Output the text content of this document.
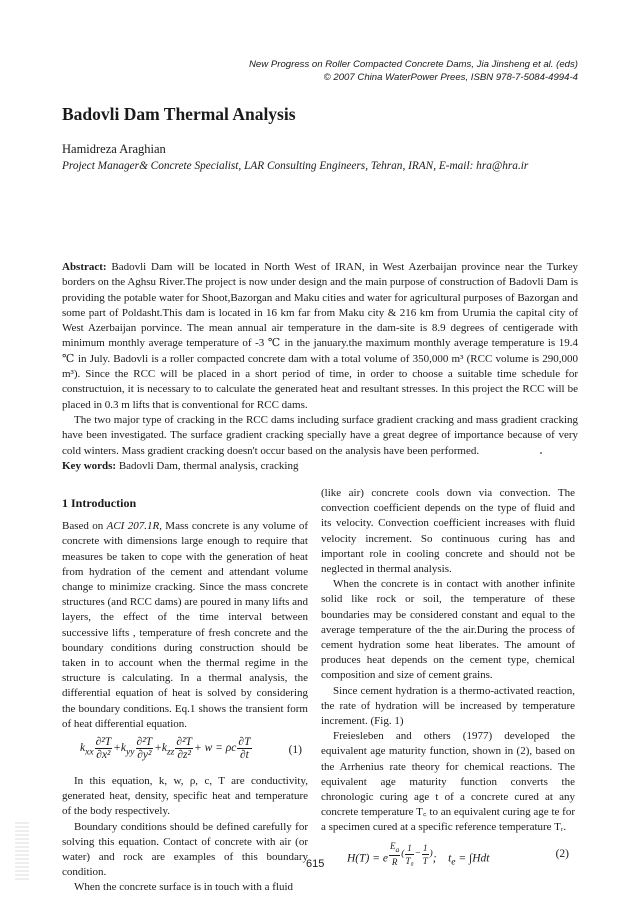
New Progress on Roller Compacted Concrete Dams, Jia Jinsheng et al. (eds)
© 2007 China WaterPower Prees, ISBN 978-7-5084-4994-4
Badovli Dam Thermal Analysis
Hamidreza Araghian
Project Manager& Concrete Specialist, LAR Consulting Engineers, Tehran, IRAN, E-mail: hra@hra.ir

Abstract: Badovli Dam will be located in North West of IRAN, in West Azerbaijan province near the Turkey borders on the Aghsu River.The project is now under design and the main purpose of construction of Badovli Dam is providing the potable water for Shoot,Bazorgan and Maku cities and water for agricultural purposes of Bazorgan and some part of Poldasht.This dam is located in 16 km far from Maku city & 216 km from Urumia the capital city of West Azerbaijan porvince. The mean annual air temperature in the dam-site is 8.9 degrees of centigerade with minimum monthly average temperature of -3 ℃ in the january.the maximum monthly average temperature is 19.4 ℃ in July. Badovli is a roller compacted concrete dam with a total volume of 350,000 m³ (RCC volume is 290,000 m³). Since the RCC will be placed in a short period of time, in order to choose a suitable time schedule for constructuion, it is necessary to to calculate the generated heat and resultant stresses. In this project the RCC will be placed in 0.3 m lifts that is conventional for RCC dams.

The two major type of cracking in the RCC dams including surface gradient cracking and mass gradient cracking have been investigated. The surface gradient cracking specially have a great degree of importance because of very cold winters. Mass gradient cracking doesn't occur based on the analysis have been performed.

Key words: Badovli Dam, thermal analysis, cracking

1 Introduction

Based on ACI 207.1R, Mass concrete is any volume of concrete with dimensions large enough to require that measures be taken to cope with the generation of heat from hydration of the cement and attendant volume change to minimize cracking. Since the mass concrete structures (and RCC dams) are poured in many lifts and layers, the effect of the time interval between successive lifts , temperature of fresh concrete and the boundary conditions during construction should be taken in to account when the thermal regime in the structure is calculating. In a thermal analysis, the differential equation of heat is solved by considering the boundary conditions. Eq.1 shows the transient form of heat differential equation.

$k_{xx} \frac{\text{∂²T}}{\text{∂x²}} +k_{yy} \frac{\text{∂²T}}{\text{∂y²}} +k_{zz} \frac{\text{∂²T}}{\text{∂z²}} + w = \rho c \frac{\partial T}{\partial t}$	(1)

In this equation, k, w, ρ, c, T are conductivity, generated heat, density, specific heat and temperature of the body respectively.

Boundary conditions should be defined carefully for solving this equation. Contact of concrete with air (or water) and rock are examples of this boundary condition.

When the concrete surface is in touch with a fluid

(like air) concrete cools down via convection. The convection coefficient depends on the type of fluid and its velocity. Convection coefficient increases with fluid velocity increment. So continuous curing has and important role in cooling concrete and should not be neglected in thermal analysis.

When the concrete is in contact with another infinite solid like rock or soil, the temperature of these boundaries may be considered constant and equal to the average temperature of the the air.During the process of cement hydration some heat liberates. The amount of produces heat depends on the cement type, chemical composition and size of cement grains.

Since cement hydration is a thermo-activated reaction, the rate of hydration will be increased by temperature increment. (Fig. 1)

Freiesleben and others (1977) developed the equivalent age maturity function, shown in (2), based on the Arrhenius rate theory for chemical reactions. The equivalent age maturity function converts the chronologic curing age t of a concrete cured at any concrete temperature T꜀ to an equivalent curing age te for a specimen cured at a specific reference temperature Tᵣ.

H(T) = e $^{\frac{E_a}{R} ( \frac{1}{\text{T₀}} - \frac{1}{T} )}$;    $t_e = \int Hdt$	(2)
615
